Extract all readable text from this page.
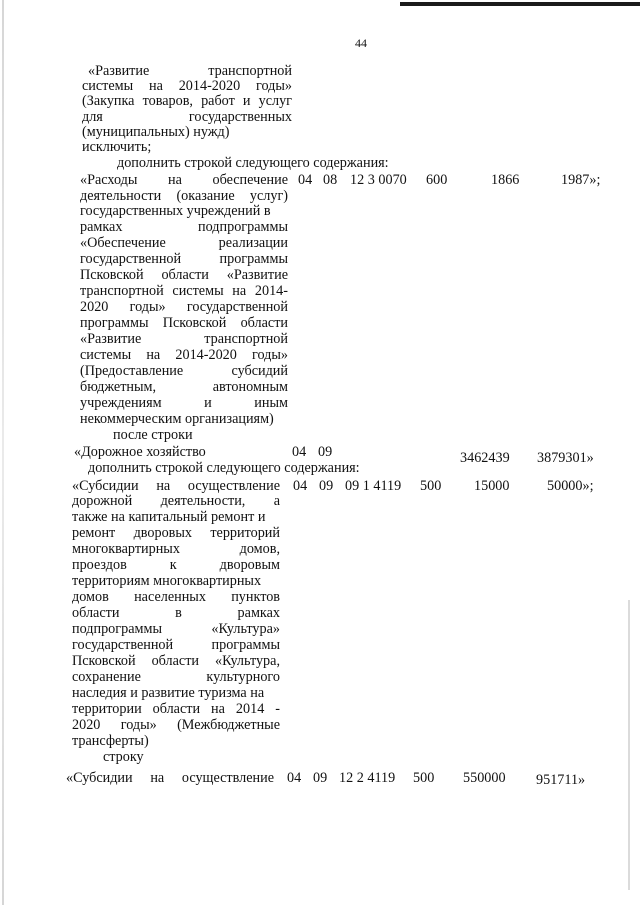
44
«Развитие транспортной
системы на 2014-2020 годы»
(Закупка товаров, работ и услуг
для государственных
(муниципальных) нужд)
исключить;
дополнить строкой следующего содержания:
«Расходы на обеспечение
деятельности (оказание услуг)
государственных учреждений в
рамках подпрограммы
«Обеспечение реализации
государственной программы
Псковской области «Развитие
транспортной системы на 2014-
2020 годы» государственной
программы Псковской области
«Развитие транспортной
системы на 2014-2020 годы»
(Предоставление субсидий
бюджетным, автономным
учреждениям и иным
некоммерческим организациям)
04 08 12 3 0070 600	1866	1987»;
после строки
«Дорожное хозяйство	04 09	3462439 3879301»
дополнить строкой следующего содержания:
«Субсидии на осуществление
дорожной деятельности, а
также на капитальный ремонт и
ремонт дворовых территорий
многоквартирных домов,
проездов к дворовым
территориям многоквартирных
домов населенных пунктов
области в рамках
подпрограммы «Культура»
государственной программы
Псковской области «Культура,
сохранение культурного
наследия и развитие туризма на
территории области на 2014 -
2020 годы» (Межбюджетные
трансферты)
04 09 09 1 4119 500 15000	50000»;
строку
«Субсидии на осуществление 04 09 12 2 4119 500 550000 951711»
